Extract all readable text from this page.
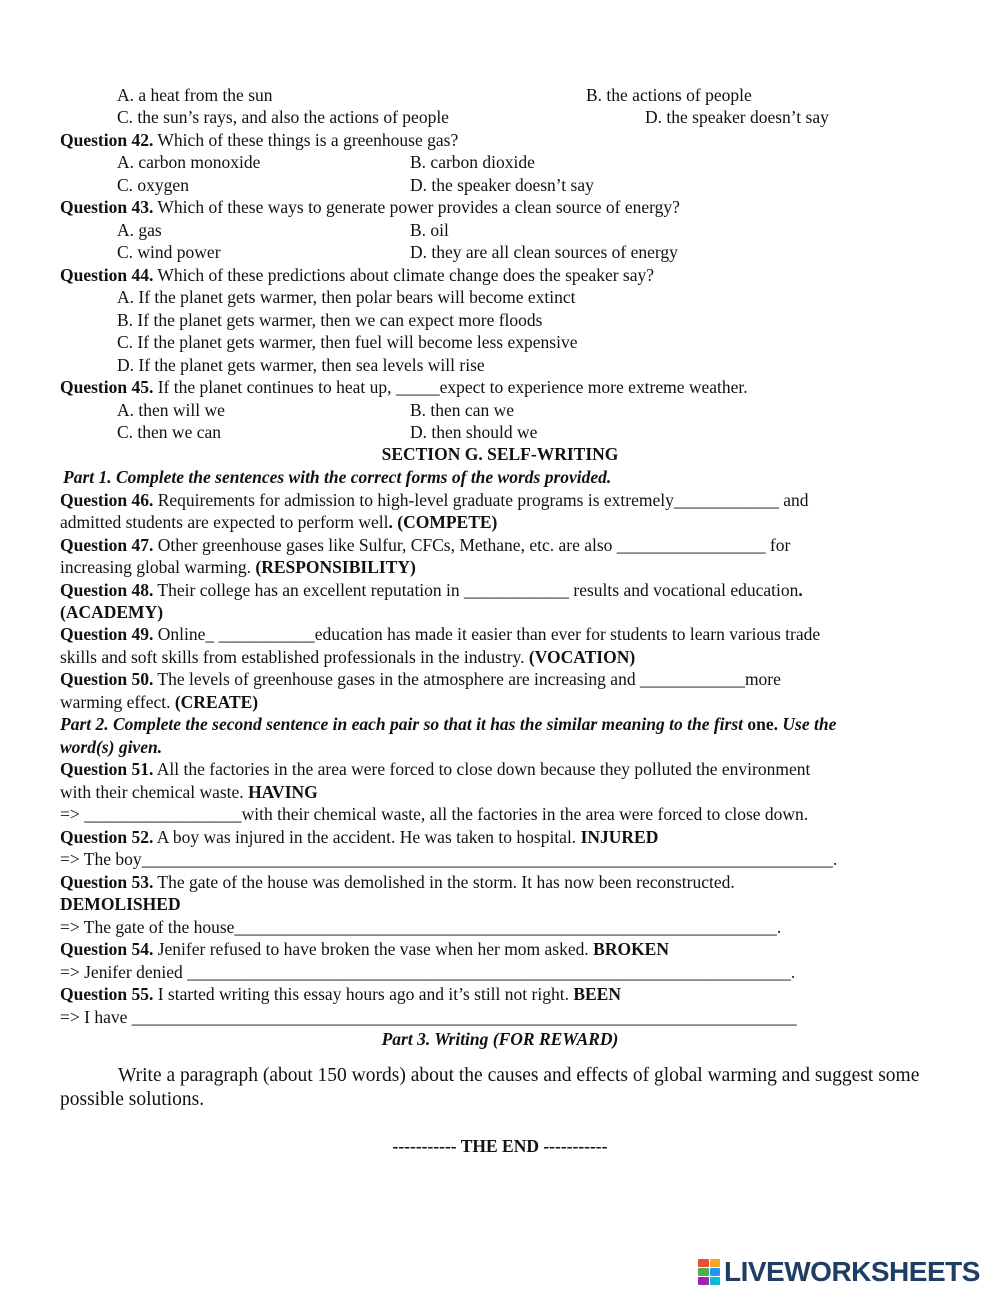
A. a heat from the sun	B. the actions of people
C. the sun’s rays, and also the actions of people	D. the speaker doesn’t say
Question 42. Which of these things is a greenhouse gas?
A. carbon monoxide	B. carbon dioxide
C. oxygen	D. the speaker doesn’t say
Question 43. Which of these ways to generate power provides a clean source of energy?
A. gas	B. oil
C. wind power	D. they are all clean sources of energy
Question 44. Which of these predictions about climate change does the speaker say?
A. If the planet gets warmer, then polar bears will become extinct
B. If the planet gets warmer, then we can expect more floods
C. If the planet gets warmer, then fuel will become less expensive
D. If the planet gets warmer, then sea levels will rise
Question 45. If the planet continues to heat up, _____expect to experience more extreme weather.
A. then will we	B. then can we
C. then we can	D. then should we
SECTION G. SELF-WRITING
Part 1. Complete the sentences with the correct forms of the words provided.
Question 46. Requirements for admission to high-level graduate programs is extremely____________ and
admitted students are expected to perform well. (COMPETE)
Question 47. Other greenhouse gases like Sulfur, CFCs, Methane, etc. are also _________________ for
increasing global warming. (RESPONSIBILITY)
Question 48. Their college has an excellent reputation in ____________ results and vocational education.
(ACADEMY)
Question 49. Online_ ___________education has made it easier than ever for students to learn various trade
skills and soft skills from established professionals in the industry. (VOCATION)
Question 50. The levels of greenhouse gases in the atmosphere are increasing and ____________more
warming effect. (CREATE)
Part 2. Complete the second sentence in each pair so that it has the similar meaning to the first one. Use the
word(s) given.
Question 51. All the factories in the area were forced to close down because they polluted the environment
with their chemical waste. HAVING
=> __________________with their chemical waste, all the factories in the area were forced to close down.
Question 52. A boy was injured in the accident. He was taken to hospital. INJURED
=> The boy_______________________________________________________________________________.
Question 53. The gate of the house was demolished in the storm. It has now been reconstructed.
DEMOLISHED
=> The gate of the house______________________________________________________________.
Question 54. Jenifer refused to have broken the vase when her mom asked. BROKEN
=> Jenifer denied _____________________________________________________________________.
Question 55. I started writing this essay hours ago and it’s still not right. BEEN
=> I have ____________________________________________________________________________
Part 3. Writing (FOR REWARD)
Write a paragraph (about 150 words) about the causes and effects of global warming and suggest some possible solutions.
----------- THE END -----------
LIVEWORKSHEETS
